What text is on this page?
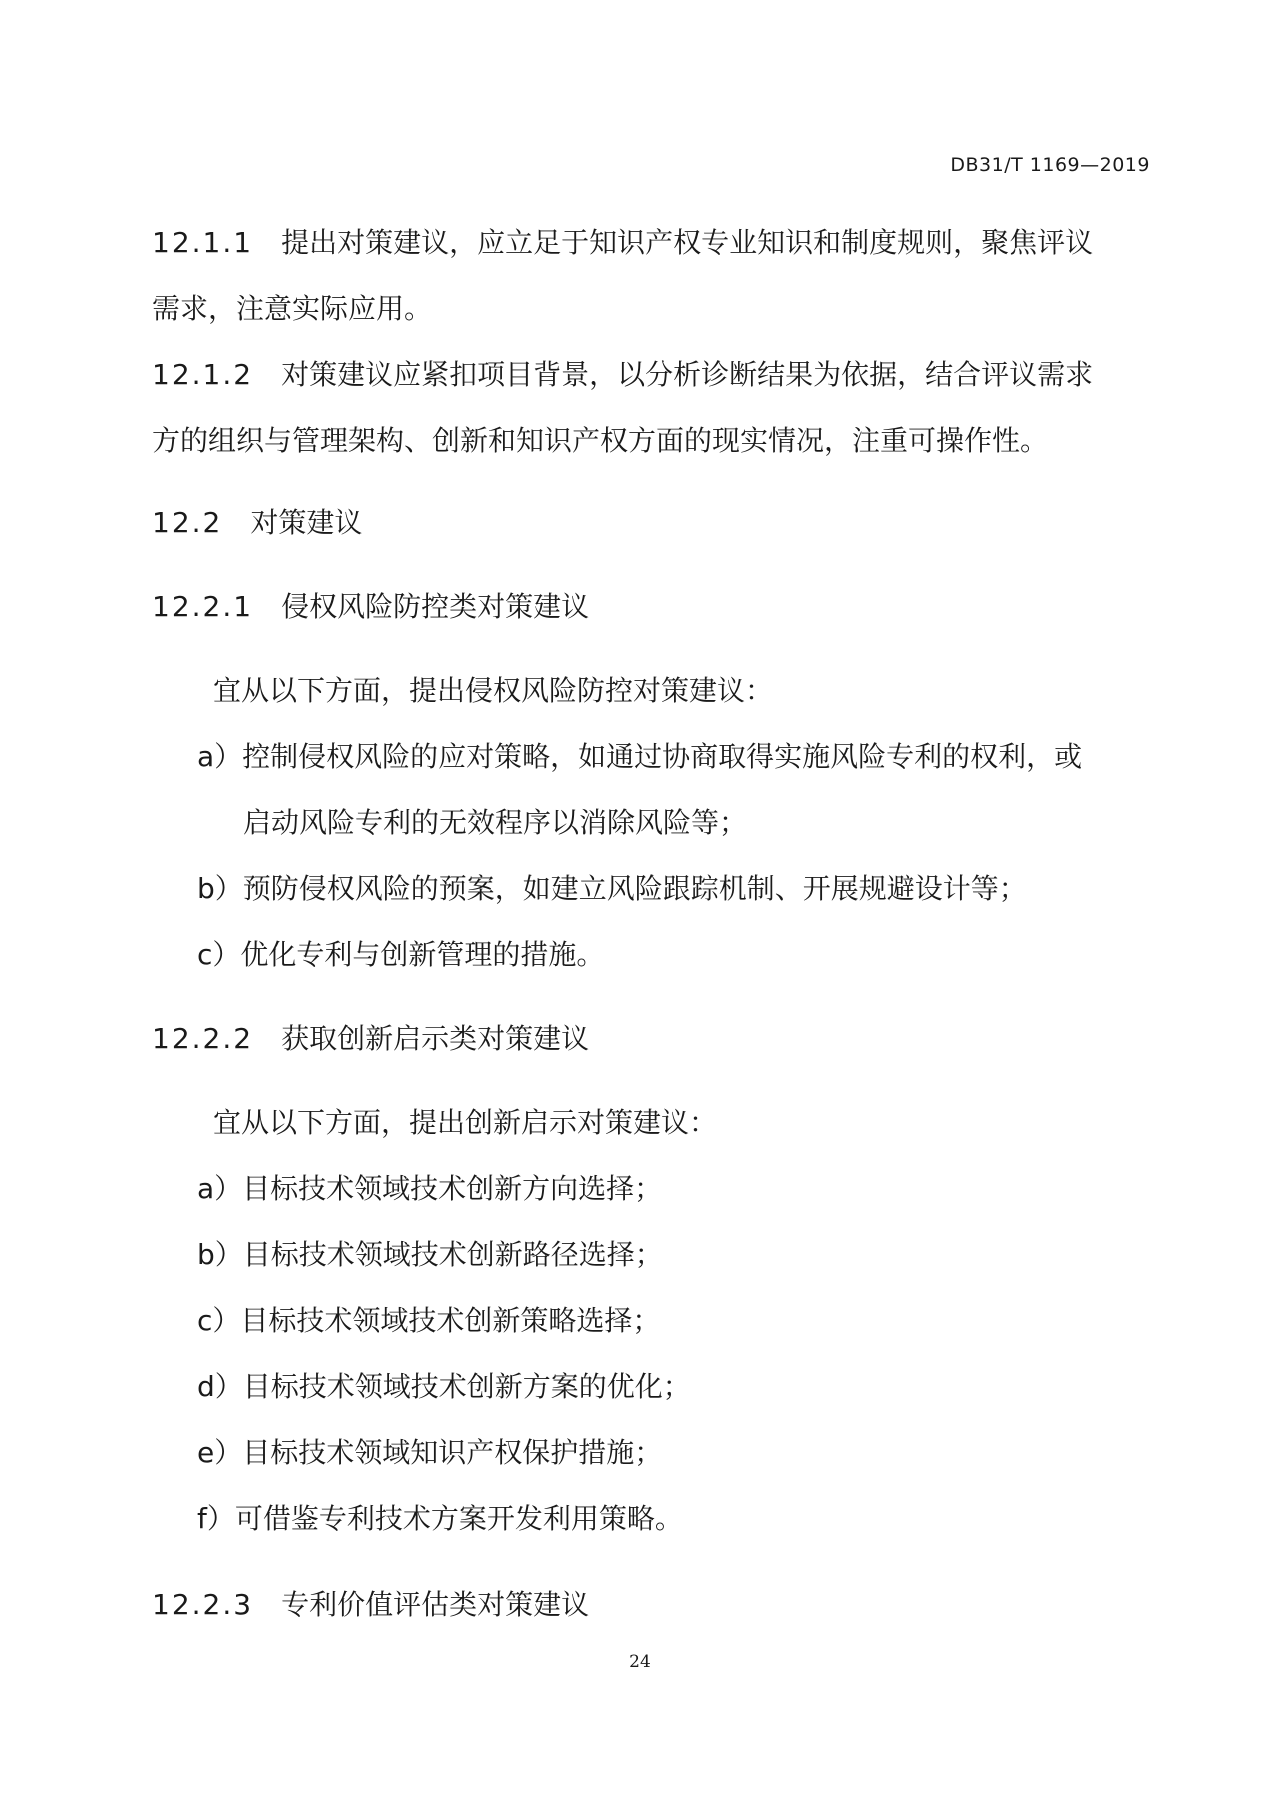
DB31/T 1169—2019
12.1.1 提出对策建议，应立足于知识产权专业知识和制度规则，聚焦评议
需求，注意实际应用。
12.1.2 对策建议应紧扣项目背景，以分析诊断结果为依据，结合评议需求
方的组织与管理架构、创新和知识产权方面的现实情况，注重可操作性。
12.2 对策建议
12.2.1 侵权风险防控类对策建议
宜从以下方面，提出侵权风险防控对策建议：
a）控制侵权风险的应对策略，如通过协商取得实施风险专利的权利，或
启动风险专利的无效程序以消除风险等；
b）预防侵权风险的预案，如建立风险跟踪机制、开展规避设计等；
c）优化专利与创新管理的措施。
12.2.2 获取创新启示类对策建议
宜从以下方面，提出创新启示对策建议：
a）目标技术领域技术创新方向选择；
b）目标技术领域技术创新路径选择；
c）目标技术领域技术创新策略选择；
d）目标技术领域技术创新方案的优化；
e）目标技术领域知识产权保护措施；
f）可借鉴专利技术方案开发利用策略。
12.2.3 专利价值评估类对策建议
24
